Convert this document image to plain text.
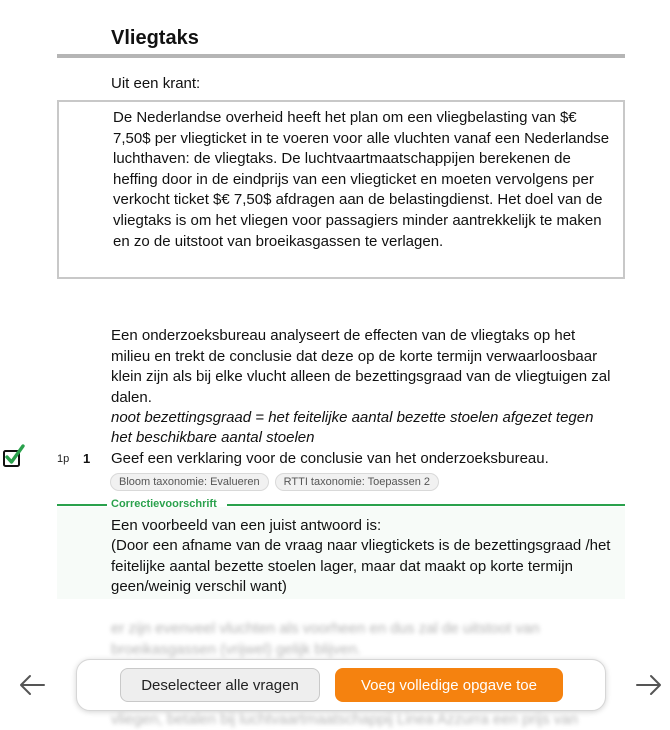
Vliegtaks
Uit een krant:

De Nederlandse overheid heeft het plan om een vliegbelasting van $€ 7,50$ per vliegticket in te voeren voor alle vluchten vanaf een Nederlandse luchthaven: de vliegtaks. De luchtvaartmaatschappijen berekenen de heffing door in de eindprijs van een vliegticket en moeten vervolgens per verkocht ticket $€ 7,50$ afdragen aan de belastingdienst. Het doel van de vliegtaks is om het vliegen voor passagiers minder aantrekkelijk te maken en zo de uitstoot van broeikasgassen te verlagen.

Een onderzoeksbureau analyseert de effecten van de vliegtaks op het milieu en trekt de conclusie dat deze op de korte termijn verwaarloosbaar klein zijn als bij elke vlucht alleen de bezettingsgraad van de vliegtuigen zal dalen.

noot bezettingsgraad = het feitelijke aantal bezette stoelen afgezet tegen het beschikbare aantal stoelen

1p 1 Geef een verklaring voor de conclusie van het onderzoeksbureau.
Bloom taxonomie: Evalueren	RTTI taxonomie: Toepassen 2
Correctievoorschrift

Een voorbeeld van een juist antwoord is:
(Door een afname van de vraag naar vliegtickets is de bezettingsgraad /het feitelijke aantal bezette stoelen lager, maar dat maakt op korte termijn geen/weinig verschil want)

er zijn evenveel vluchten als voorheen en dus zal de uitstoot van broeikasgassen (vrijwel) gelijk blijven.

vliegen, betalen bij luchtvaartmaatschappij Linea Azzurra een prijs van

Deselecteer alle vragen	Voeg volledige opgave toe
